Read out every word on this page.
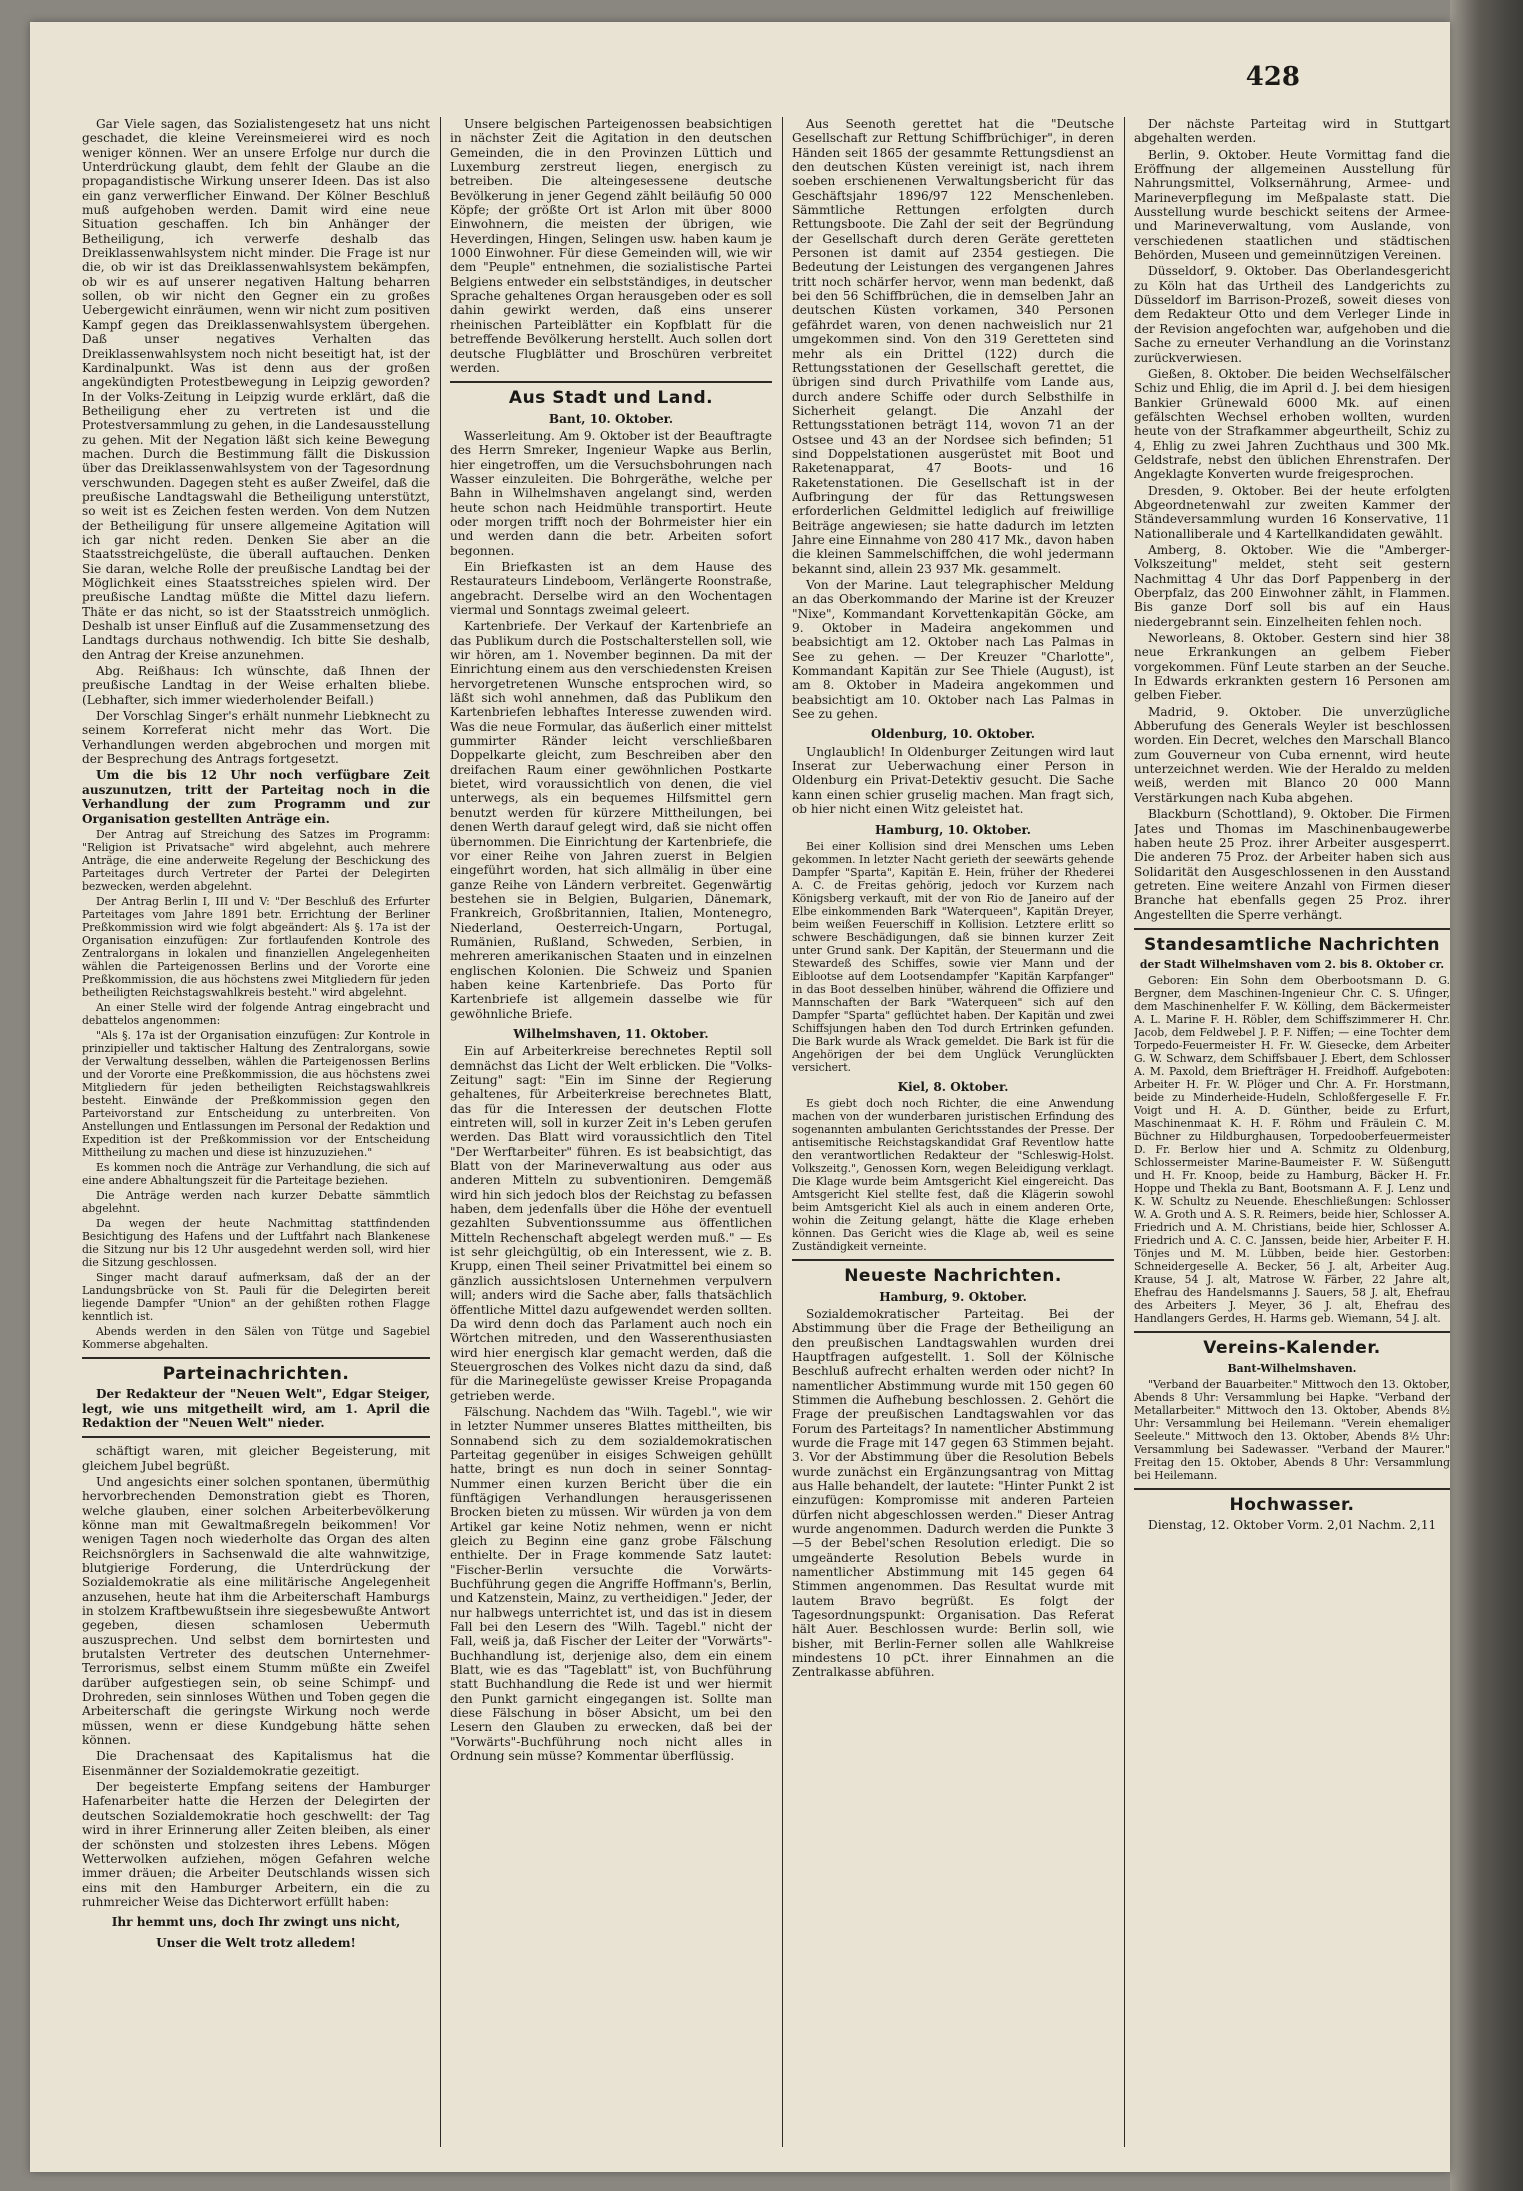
428

Gar Viele sagen, das Sozialistengesetz hat uns nicht geschadet, die kleine Vereinsmeierei wird es noch weniger können. Wer an unsere Erfolge nur durch die Unterdrückung glaubt, dem fehlt der Glaube an die propagandistische Wirkung unserer Ideen. Das ist also ein ganz verwerflicher Einwand. Der Kölner Beschluß muß aufgehoben werden. Damit wird eine neue Situation geschaffen. Ich bin Anhänger der Betheiligung, ich verwerfe deshalb das Dreiklassenwahlsystem nicht minder. Die Frage ist nur die, ob wir ist das Dreiklassenwahlsystem bekämpfen, ob wir es auf unserer negativen Haltung beharren sollen, ob wir nicht den Gegner ein zu großes Uebergewicht einräumen, wenn wir nicht zum positiven Kampf gegen das Dreiklassenwahlsystem übergehen. Daß unser negatives Verhalten das Dreiklassenwahlsystem noch nicht beseitigt hat, ist der Kardinalpunkt. Was ist denn aus der großen angekündigten Protestbewegung in Leipzig geworden? In der Volks-Zeitung in Leipzig wurde erklärt, daß die Betheiligung eher zu vertreten ist und die Protestversammlung zu gehen, in die Landesausstellung zu gehen. Mit der Negation läßt sich keine Bewegung machen. Durch die Bestimmung fällt die Diskussion über das Dreiklassenwahlsystem von der Tagesordnung verschwunden. Dagegen steht es außer Zweifel, daß die preußische Landtagswahl die Betheiligung unterstützt, so weit ist es Zeichen festen werden. Von dem Nutzen der Betheiligung für unsere allgemeine Agitation will ich gar nicht reden. Denken Sie aber an die Staatsstreichgelüste, die überall auftauchen. Denken Sie daran, welche Rolle der preußische Landtag bei der Möglichkeit eines Staatsstreiches spielen wird. Der preußische Landtag müßte die Mittel dazu liefern. Thäte er das nicht, so ist der Staatsstreich unmöglich. Deshalb ist unser Einfluß auf die Zusammensetzung des Landtags durchaus nothwendig. Ich bitte Sie deshalb, den Antrag der Kreise anzunehmen.

Abg. Reißhaus: Ich wünschte, daß Ihnen der preußische Landtag in der Weise erhalten bliebe. (Lebhafter, sich immer wiederholender Beifall.)

Der Vorschlag Singer's erhält nunmehr Liebknecht zu seinem Korreferat nicht mehr das Wort. Die Verhandlungen werden abgebrochen und morgen mit der Besprechung des Antrags fortgesetzt.

Um die bis 12 Uhr noch verfügbare Zeit auszunutzen, tritt der Parteitag noch in die Verhandlung der zum Programm und zur Organisation gestellten Anträge ein.

Der Antrag auf Streichung des Satzes im Programm: "Religion ist Privatsache" wird abgelehnt, auch mehrere Anträge, die eine anderweite Regelung der Beschickung des Parteitages durch Vertreter der Partei der Delegirten bezwecken, werden abgelehnt.

Der Antrag Berlin I, III und V: "Der Beschluß des Erfurter Parteitages vom Jahre 1891 betr. Errichtung der Berliner Preßkommission wird wie folgt abgeändert: Als §. 17a ist der Organisation einzufügen: Zur fortlaufenden Kontrole des Zentralorgans in lokalen und finanziellen Angelegenheiten wählen die Parteigenossen Berlins und der Vororte eine Preßkommission, die aus höchstens zwei Mitgliedern für jeden betheiligten Reichstagswahlkreis besteht." wird abgelehnt.

An einer Stelle wird der folgende Antrag eingebracht und debattelos angenommen:

"Als §. 17a ist der Organisation einzufügen: Zur Kontrole in prinzipieller und taktischer Haltung des Zentralorgans, sowie der Verwaltung desselben, wählen die Parteigenossen Berlins und der Vororte eine Preßkommission, die aus höchstens zwei Mitgliedern für jeden betheiligten Reichstagswahlkreis besteht. Einwände der Preßkommission gegen den Parteivorstand zur Entscheidung zu unterbreiten. Von Anstellungen und Entlassungen im Personal der Redaktion und Expedition ist der Preßkommission vor der Entscheidung Mittheilung zu machen und diese ist hinzuzuziehen."

Es kommen noch die Anträge zur Verhandlung, die sich auf eine andere Abhaltungszeit für die Parteitage beziehen.

Die Anträge werden nach kurzer Debatte sämmtlich abgelehnt.

Da wegen der heute Nachmittag stattfindenden Besichtigung des Hafens und der Luftfahrt nach Blankenese die Sitzung nur bis 12 Uhr ausgedehnt werden soll, wird hier die Sitzung geschlossen.

Singer macht darauf aufmerksam, daß der an der Landungsbrücke von St. Pauli für die Delegirten bereit liegende Dampfer "Union" an der gehißten rothen Flagge kenntlich ist.

Abends werden in den Sälen von Tütge und Sagebiel Kommerse abgehalten.

Parteinachrichten.

Der Redakteur der "Neuen Welt", Edgar Steiger, legt, wie uns mitgetheilt wird, am 1. April die Redaktion der "Neuen Welt" nieder.

schäftigt waren, mit gleicher Begeisterung, mit gleichem Jubel begrüßt.

Und angesichts einer solchen spontanen, übermüthig hervorbrechenden Demonstration giebt es Thoren, welche glauben, einer solchen Arbeiterbevölkerung könne man mit Gewaltmaßregeln beikommen! Vor wenigen Tagen noch wiederholte das Organ des alten Reichsnörglers in Sachsenwald die alte wahnwitzige, blutgierige Forderung, die Unterdrückung der Sozialdemokratie als eine militärische Angelegenheit anzusehen, heute hat ihm die Arbeiterschaft Hamburgs in stolzem Kraftbewußtsein ihre siegesbewußte Antwort gegeben, diesen schamlosen Uebermuth auszusprechen. Und selbst dem bornirtesten und brutalsten Vertreter des deutschen Unternehmer-Terrorismus, selbst einem Stumm müßte ein Zweifel darüber aufgestiegen sein, ob seine Schimpf- und Drohreden, sein sinnloses Wüthen und Toben gegen die Arbeiterschaft die geringste Wirkung noch werde müssen, wenn er diese Kundgebung hätte sehen können.

Die Drachensaat des Kapitalismus hat die Eisenmänner der Sozialdemokratie gezeitigt.

Der begeisterte Empfang seitens der Hamburger Hafenarbeiter hatte die Herzen der Delegirten der deutschen Sozialdemokratie hoch geschwellt: der Tag wird in ihrer Erinnerung aller Zeiten bleiben, als einer der schönsten und stolzesten ihres Lebens. Mögen Wetterwolken aufziehen, mögen Gefahren welche immer dräuen; die Arbeiter Deutschlands wissen sich eins mit den Hamburger Arbeitern, ein die zu ruhmreicher Weise das Dichterwort erfüllt haben:

Ihr hemmt uns, doch Ihr zwingt uns nicht,
Unser die Welt trotz alledem!

Unsere belgischen Parteigenossen beabsichtigen in nächster Zeit die Agitation in den deutschen Gemeinden, die in den Provinzen Lüttich und Luxemburg zerstreut liegen, energisch zu betreiben. Die alteingesessene deutsche Bevölkerung in jener Gegend zählt beiläufig 50 000 Köpfe; der größte Ort ist Arlon mit über 8000 Einwohnern, die meisten der übrigen, wie Heverdingen, Hingen, Selingen usw. haben kaum je 1000 Einwohner. Für diese Gemeinden will, wie wir dem "Peuple" entnehmen, die sozialistische Partei Belgiens entweder ein selbstständiges, in deutscher Sprache gehaltenes Organ herausgeben oder es soll dahin gewirkt werden, daß eins unserer rheinischen Parteiblätter ein Kopfblatt für die betreffende Bevölkerung herstellt. Auch sollen dort deutsche Flugblätter und Broschüren verbreitet werden.

Aus Stadt und Land.
Bant, 10. Oktober.

Wasserleitung. Am 9. Oktober ist der Beauftragte des Herrn Smreker, Ingenieur Wapke aus Berlin, hier eingetroffen, um die Versuchsbohrungen nach Wasser einzuleiten. Die Bohrgeräthe, welche per Bahn in Wilhelmshaven angelangt sind, werden heute schon nach Heidmühle transportirt. Heute oder morgen trifft noch der Bohrmeister hier ein und werden dann die betr. Arbeiten sofort begonnen.

Ein Briefkasten ist an dem Hause des Restaurateurs Lindeboom, Verlängerte Roonstraße, angebracht. Derselbe wird an den Wochentagen viermal und Sonntags zweimal geleert.

Kartenbriefe. Der Verkauf der Kartenbriefe an das Publikum durch die Postschalterstellen soll, wie wir hören, am 1. November beginnen. Da mit der Einrichtung einem aus den verschiedensten Kreisen hervorgetretenen Wunsche entsprochen wird, so läßt sich wohl annehmen, daß das Publikum den Kartenbriefen lebhaftes Interesse zuwenden wird. Was die neue Formular, das äußerlich einer mittelst gummirter Ränder leicht verschließbaren Doppelkarte gleicht, zum Beschreiben aber den dreifachen Raum einer gewöhnlichen Postkarte bietet, wird voraussichtlich von denen, die viel unterwegs, als ein bequemes Hilfsmittel gern benutzt werden für kürzere Mittheilungen, bei denen Werth darauf gelegt wird, daß sie nicht offen übernommen. Die Einrichtung der Kartenbriefe, die vor einer Reihe von Jahren zuerst in Belgien eingeführt worden, hat sich allmälig in über eine ganze Reihe von Ländern verbreitet. Gegenwärtig bestehen sie in Belgien, Bulgarien, Dänemark, Frankreich, Großbritannien, Italien, Montenegro, Niederland, Oesterreich-Ungarn, Portugal, Rumänien, Rußland, Schweden, Serbien, in mehreren amerikanischen Staaten und in einzelnen englischen Kolonien. Die Schweiz und Spanien haben keine Kartenbriefe. Das Porto für Kartenbriefe ist allgemein dasselbe wie für gewöhnliche Briefe.

Wilhelmshaven, 11. Oktober.

Ein auf Arbeiterkreise berechnetes Reptil soll demnächst das Licht der Welt erblicken. Die "Volks-Zeitung" sagt: "Ein im Sinne der Regierung gehaltenes, für Arbeiterkreise berechnetes Blatt, das für die Interessen der deutschen Flotte eintreten will, soll in kurzer Zeit in's Leben gerufen werden. Das Blatt wird voraussichtlich den Titel "Der Werftarbeiter" führen. Es ist beabsichtigt, das Blatt von der Marineverwaltung aus oder aus anderen Mitteln zu subventioniren. Demgemäß wird hin sich jedoch blos der Reichstag zu befassen haben, dem jedenfalls über die Höhe der eventuell gezahlten Subventionssumme aus öffentlichen Mitteln Rechenschaft abgelegt werden muß." — Es ist sehr gleichgültig, ob ein Interessent, wie z. B. Krupp, einen Theil seiner Privatmittel bei einem so gänzlich aussichtslosen Unternehmen verpulvern will; anders wird die Sache aber, falls thatsächlich öffentliche Mittel dazu aufgewendet werden sollten. Da wird denn doch das Parlament auch noch ein Wörtchen mitreden, und den Wasserenthusiasten wird hier energisch klar gemacht werden, daß die Steuergroschen des Volkes nicht dazu da sind, daß für die Marinegelüste gewisser Kreise Propaganda getrieben werde.

Fälschung. Nachdem das "Wilh. Tagebl.", wie wir in letzter Nummer unseres Blattes mittheilten, bis Sonnabend sich zu dem sozialdemokratischen Parteitag gegenüber in eisiges Schweigen gehüllt hatte, bringt es nun doch in seiner Sonntag-Nummer einen kurzen Bericht über die ein fünftägigen Verhandlungen herausgerissenen Brocken bieten zu müssen. Wir würden ja von dem Artikel gar keine Notiz nehmen, wenn er nicht gleich zu Beginn eine ganz grobe Fälschung enthielte. Der in Frage kommende Satz lautet: "Fischer-Berlin versuchte die Vorwärts-Buchführung gegen die Angriffe Hoffmann's, Berlin, und Katzenstein, Mainz, zu vertheidigen." Jeder, der nur halbwegs unterrichtet ist, und das ist in diesem Fall bei den Lesern des "Wilh. Tagebl." nicht der Fall, weiß ja, daß Fischer der Leiter der "Vorwärts"-Buchhandlung ist, derjenige also, dem ein einem Blatt, wie es das "Tageblatt" ist, von Buchführung statt Buchhandlung die Rede ist und wer hiermit den Punkt garnicht eingegangen ist. Sollte man diese Fälschung in böser Absicht, um bei den Lesern den Glauben zu erwecken, daß bei der "Vorwärts"-Buchführung noch nicht alles in Ordnung sein müsse? Kommentar überflüssig.

Aus Seenoth gerettet hat die "Deutsche Gesellschaft zur Rettung Schiffbrüchiger", in deren Händen seit 1865 der gesammte Rettungsdienst an den deutschen Küsten vereinigt ist, nach ihrem soeben erschienenen Verwaltungsbericht für das Geschäftsjahr 1896/97 122 Menschenleben. Sämmtliche Rettungen erfolgten durch Rettungsboote. Die Zahl der seit der Begründung der Gesellschaft durch deren Geräte geretteten Personen ist damit auf 2354 gestiegen. Die Bedeutung der Leistungen des vergangenen Jahres tritt noch schärfer hervor, wenn man bedenkt, daß bei den 56 Schiffbrüchen, die in demselben Jahr an deutschen Küsten vorkamen, 340 Personen gefährdet waren, von denen nachweislich nur 21 umgekommen sind. Von den 319 Geretteten sind mehr als ein Drittel (122) durch die Rettungsstationen der Gesellschaft gerettet, die übrigen sind durch Privathilfe vom Lande aus, durch andere Schiffe oder durch Selbsthilfe in Sicherheit gelangt. Die Anzahl der Rettungsstationen beträgt 114, wovon 71 an der Ostsee und 43 an der Nordsee sich befinden; 51 sind Doppelstationen ausgerüstet mit Boot und Raketenapparat, 47 Boots- und 16 Raketenstationen. Die Gesellschaft ist in der Aufbringung der für das Rettungswesen erforderlichen Geldmittel lediglich auf freiwillige Beiträge angewiesen; sie hatte dadurch im letzten Jahre eine Einnahme von 280 417 Mk., davon haben die kleinen Sammelschiffchen, die wohl jedermann bekannt sind, allein 23 937 Mk. gesammelt.

Von der Marine. Laut telegraphischer Meldung an das Oberkommando der Marine ist der Kreuzer "Nixe", Kommandant Korvettenkapitän Göcke, am 9. Oktober in Madeira angekommen und beabsichtigt am 12. Oktober nach Las Palmas in See zu gehen. — Der Kreuzer "Charlotte", Kommandant Kapitän zur See Thiele (August), ist am 8. Oktober in Madeira angekommen und beabsichtigt am 10. Oktober nach Las Palmas in See zu gehen.

Oldenburg, 10. Oktober.

Unglaublich! In Oldenburger Zeitungen wird laut Inserat zur Ueberwachung einer Person in Oldenburg ein Privat-Detektiv gesucht. Die Sache kann einen schier gruselig machen. Man fragt sich, ob hier nicht einen Witz geleistet hat.

Hamburg, 10. Oktober.

Bei einer Kollision sind drei Menschen ums Leben gekommen. In letzter Nacht gerieth der seewärts gehende Dampfer "Sparta", Kapitän E. Hein, früher der Rhederei A. C. de Freitas gehörig, jedoch vor Kurzem nach Königsberg verkauft, mit der von Rio de Janeiro auf der Elbe einkommenden Bark "Waterqueen", Kapitän Dreyer, beim weißen Feuerschiff in Kollision. Letztere erlitt so schwere Beschädigungen, daß sie binnen kurzer Zeit unter Grund sank. Der Kapitän, der Steuermann und die Stewardeß des Schiffes, sowie vier Mann und der Eiblootse auf dem Lootsendampfer "Kapitän Karpfanger" in das Boot desselben hinüber, während die Offiziere und Mannschaften der Bark "Waterqueen" sich auf den Dampfer "Sparta" geflüchtet haben. Der Kapitän und zwei Schiffsjungen haben den Tod durch Ertrinken gefunden. Die Bark wurde als Wrack gemeldet. Die Bark ist für die Angehörigen der bei dem Unglück Verunglückten versichert.

Kiel, 8. Oktober.

Es giebt doch noch Richter, die eine Anwendung machen von der wunderbaren juristischen Erfindung des sogenannten ambulanten Gerichtsstandes der Presse. Der antisemitische Reichstagskandidat Graf Reventlow hatte den verantwortlichen Redakteur der "Schleswig-Holst. Volkszeitg.", Genossen Korn, wegen Beleidigung verklagt. Die Klage wurde beim Amtsgericht Kiel eingereicht. Das Amtsgericht Kiel stellte fest, daß die Klägerin sowohl beim Amtsgericht Kiel als auch in einem anderen Orte, wohin die Zeitung gelangt, hätte die Klage erheben können. Das Gericht wies die Klage ab, weil es seine Zuständigkeit verneinte.

Neueste Nachrichten.
Hamburg, 9. Oktober.

Sozialdemokratischer Parteitag. Bei der Abstimmung über die Frage der Betheiligung an den preußischen Landtagswahlen wurden drei Hauptfragen aufgestellt. 1. Soll der Kölnische Beschluß aufrecht erhalten werden oder nicht? In namentlicher Abstimmung wurde mit 150 gegen 60 Stimmen die Aufhebung beschlossen. 2. Gehört die Frage der preußischen Landtagswahlen vor das Forum des Parteitags? In namentlicher Abstimmung wurde die Frage mit 147 gegen 63 Stimmen bejaht. 3. Vor der Abstimmung über die Resolution Bebels wurde zunächst ein Ergänzungsantrag von Mittag aus Halle behandelt, der lautete: "Hinter Punkt 2 ist einzufügen: Kompromisse mit anderen Parteien dürfen nicht abgeschlossen werden." Dieser Antrag wurde angenommen. Dadurch werden die Punkte 3—5 der Bebel'schen Resolution erledigt. Die so umgeänderte Resolution Bebels wurde in namentlicher Abstimmung mit 145 gegen 64 Stimmen angenommen. Das Resultat wurde mit lautem Bravo begrüßt. Es folgt der Tagesordnungspunkt: Organisation. Das Referat hält Auer. Beschlossen wurde: Berlin soll, wie bisher, mit Berlin-Ferner sollen alle Wahlkreise mindestens 10 pCt. ihrer Einnahmen an die Zentralkasse abführen.

Der nächste Parteitag wird in Stuttgart abgehalten werden.

Berlin, 9. Oktober. Heute Vormittag fand die Eröffnung der allgemeinen Ausstellung für Nahrungsmittel, Volksernährung, Armee- und Marineverpflegung im Meßpalaste statt. Die Ausstellung wurde beschickt seitens der Armee- und Marineverwaltung, vom Auslande, von verschiedenen staatlichen und städtischen Behörden, Museen und gemeinnützigen Vereinen.

Düsseldorf, 9. Oktober. Das Oberlandesgericht zu Köln hat das Urtheil des Landgerichts zu Düsseldorf im Barrison-Prozeß, soweit dieses von dem Redakteur Otto und dem Verleger Linde in der Revision angefochten war, aufgehoben und die Sache zu erneuter Verhandlung an die Vorinstanz zurückverwiesen.

Gießen, 8. Oktober. Die beiden Wechselfälscher Schiz und Ehlig, die im April d. J. bei dem hiesigen Bankier Grünewald 6000 Mk. auf einen gefälschten Wechsel erhoben wollten, wurden heute von der Strafkammer abgeurtheilt, Schiz zu 4, Ehlig zu zwei Jahren Zuchthaus und 300 Mk. Geldstrafe, nebst den üblichen Ehrenstrafen. Der Angeklagte Konverten wurde freigesprochen.

Dresden, 9. Oktober. Bei der heute erfolgten Abgeordnetenwahl zur zweiten Kammer der Ständeversammlung wurden 16 Konservative, 11 Nationalliberale und 4 Kartellkandidaten gewählt.

Amberg, 8. Oktober. Wie die "Amberger-Volkszeitung" meldet, steht seit gestern Nachmittag 4 Uhr das Dorf Pappenberg in der Oberpfalz, das 200 Einwohner zählt, in Flammen. Bis ganze Dorf soll bis auf ein Haus niedergebrannt sein. Einzelheiten fehlen noch.

Neworleans, 8. Oktober. Gestern sind hier 38 neue Erkrankungen an gelbem Fieber vorgekommen. Fünf Leute starben an der Seuche. In Edwards erkrankten gestern 16 Personen am gelben Fieber.

Madrid, 9. Oktober. Die unverzügliche Abberufung des Generals Weyler ist beschlossen worden. Ein Decret, welches den Marschall Blanco zum Gouverneur von Cuba ernennt, wird heute unterzeichnet werden. Wie der Heraldo zu melden weiß, werden mit Blanco 20 000 Mann Verstärkungen nach Kuba abgehen.

Blackburn (Schottland), 9. Oktober. Die Firmen Jates und Thomas im Maschinenbaugewerbe haben heute 25 Proz. ihrer Arbeiter ausgesperrt. Die anderen 75 Proz. der Arbeiter haben sich aus Solidarität den Ausgeschlossenen in den Ausstand getreten. Eine weitere Anzahl von Firmen dieser Branche hat ebenfalls gegen 25 Proz. ihrer Angestellten die Sperre verhängt.

Standesamtliche Nachrichten
der Stadt Wilhelmshaven vom 2. bis 8. Oktober cr.

Geboren: Ein Sohn dem Oberbootsmann D. G. Bergner, dem Maschinen-Ingenieur Chr. C. S. Ufinger, dem Maschinenhelfer F. W. Kölling, dem Bäckermeister A. L. Marine F. H. Röbler, dem Schiffszimmerer H. Chr. Jacob, dem Feldwebel J. P. F. Niffen; — eine Tochter dem Torpedo-Feuermeister H. Fr. W. Giesecke, dem Arbeiter G. W. Schwarz, dem Schiffsbauer J. Ebert, dem Schlosser A. M. Paxold, dem Briefträger H. Freidhoff. Aufgeboten: Arbeiter H. Fr. W. Plöger und Chr. A. Fr. Horstmann, beide zu Minderheide-Hudeln, Schloßfergeselle F. Fr. Voigt und H. A. D. Günther, beide zu Erfurt, Maschinenmaat K. H. F. Röhm und Fräulein C. M. Büchner zu Hildburghausen, Torpedooberfeuermeister D. Fr. Berlow hier und A. Schmitz zu Oldenburg, Schlossermeister Marine-Baumeister F. W. Süßengutt und H. Fr. Knoop, beide zu Hamburg, Bäcker H. Fr. Hoppe und Thekla zu Bant, Bootsmann A. F. J. Lenz und K. W. Schultz zu Neuende. Eheschließungen: Schlosser W. A. Groth und A. S. R. Reimers, beide hier, Schlosser A. Friedrich und A. M. Christians, beide hier, Schlosser A. Friedrich und A. C. C. Janssen, beide hier, Arbeiter F. H. Tönjes und M. M. Lübben, beide hier. Gestorben: Schneidergeselle A. Becker, 56 J. alt, Arbeiter Aug. Krause, 54 J. alt, Matrose W. Färber, 22 Jahre alt, Ehefrau des Handelsmanns J. Sauers, 58 J. alt, Ehefrau des Arbeiters J. Meyer, 36 J. alt, Ehefrau des Handlangers Gerdes, H. Harms geb. Wiemann, 54 J. alt.

Vereins-Kalender.
Bant-Wilhelmshaven.

"Verband der Bauarbeiter." Mittwoch den 13. Oktober, Abends 8 Uhr: Versammlung bei Hapke. "Verband der Metallarbeiter." Mittwoch den 13. Oktober, Abends 8½ Uhr: Versammlung bei Heilemann. "Verein ehemaliger Seeleute." Mittwoch den 13. Oktober, Abends 8½ Uhr: Versammlung bei Sadewasser. "Verband der Maurer." Freitag den 15. Oktober, Abends 8 Uhr: Versammlung bei Heilemann.

Hochwasser.

Dienstag, 12. Oktober Vorm. 2,01 Nachm. 2,11
